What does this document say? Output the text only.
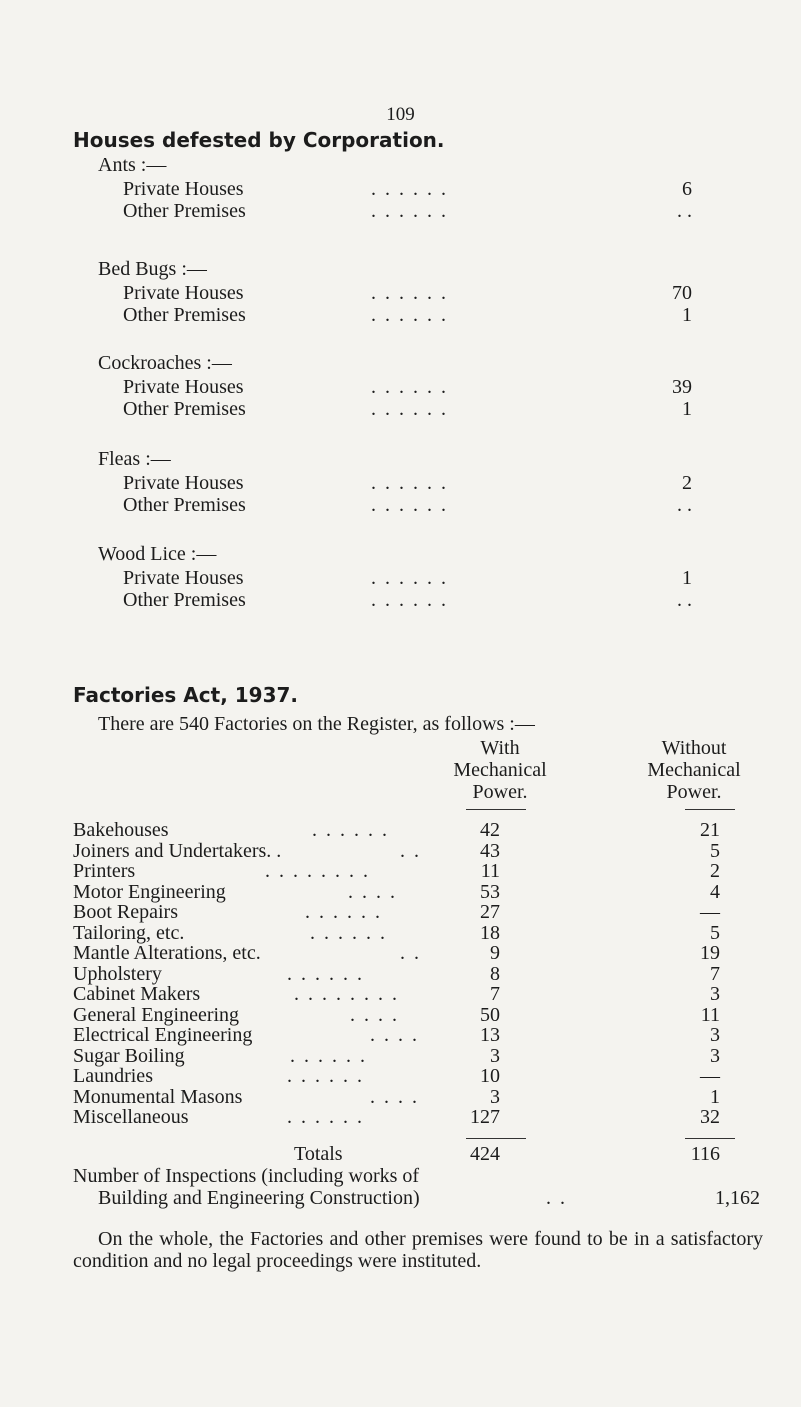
109
Houses defested by Corporation.
Ants :—
Private Houses	. . . . . .	6
Other Premises	. . . . . .	. .
Bed Bugs :—
Private Houses	. . . . . .	70
Other Premises	. . . . . .	1
Cockroaches :—
Private Houses	. . . . . .	39
Other Premises	. . . . . .	1
Fleas :—
Private Houses	. . . . . .	2
Other Premises	. . . . . .	. .
Wood Lice :—
Private Houses	. . . . . .	1
Other Premises	. . . . . .	. .
Factories Act, 1937.
There are 540 Factories on the Register, as follows :—
With
Mechanical
Power.
Without
Mechanical
Power.
Bakehouses	. . . . . .	42	21
Joiners and Undertakers. .	. .	43	5
Printers	. . . . . . . .	11	2
Motor Engineering	. . . .	53	4
Boot Repairs	. . . . . .	27	—
Tailoring, etc.	. . . . . .	18	5
Mantle Alterations, etc.	. .	9	19
Upholstery	. . . . . .	8	7
Cabinet Makers	. . . . . . . .	7	3
General Engineering	. . . .	50	11
Electrical Engineering	. . . .	13	3
Sugar Boiling	. . . . . .	3	3
Laundries	. . . . . .	10	—
Monumental Masons	. . . .	3	1
Miscellaneous	. . . . . .	127	32
Totals	424	116
Number of Inspections (including works of
Building and Engineering Construction)	. .	1,162
On the whole, the Factories and other premises were found to be in a satisfactory condition and no legal proceedings were instituted.
